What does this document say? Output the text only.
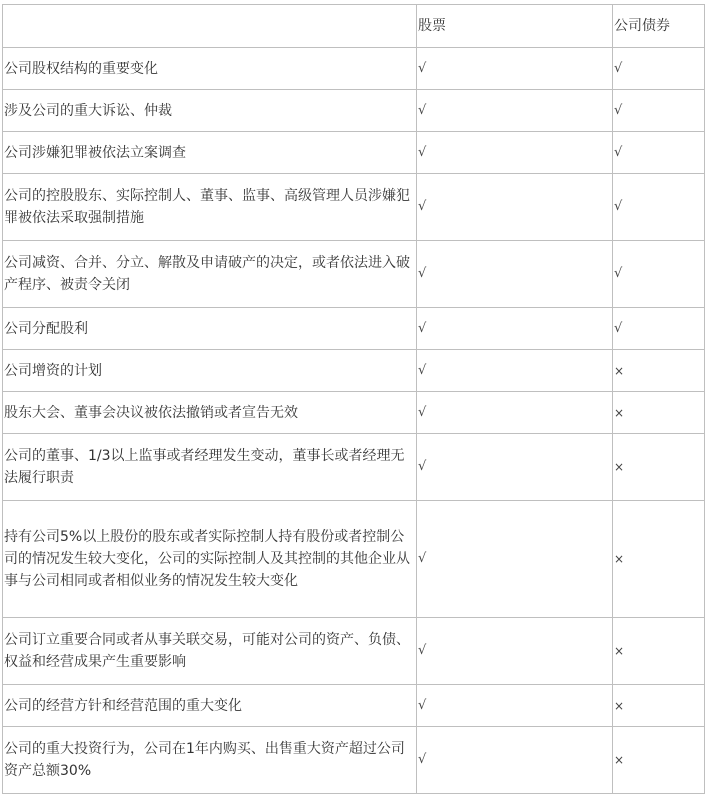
	股票	公司债券
公司股权结构的重要变化	√	√
涉及公司的重大诉讼、仲裁	√	√
公司涉嫌犯罪被依法立案调查	√	√
公司的控股股东、实际控制人、董事、监事、高级管理人员涉嫌犯罪被依法采取强制措施	√	√
公司减资、合并、分立、解散及申请破产的决定，或者依法进入破产程序、被责令关闭	√	√
公司分配股利	√	√
公司增资的计划	√	×
股东大会、董事会决议被依法撤销或者宣告无效	√	×
公司的董事、1/3以上监事或者经理发生变动，董事长或者经理无法履行职责	√	×
持有公司5%以上股份的股东或者实际控制人持有股份或者控制公司的情况发生较大变化，公司的实际控制人及其控制的其他企业从事与公司相同或者相似业务的情况发生较大变化	√	×
公司订立重要合同或者从事关联交易，可能对公司的资产、负债、权益和经营成果产生重要影响	√	×
公司的经营方针和经营范围的重大变化	√	×
公司的重大投资行为，公司在1年内购买、出售重大资产超过公司资产总额30%	√	×
